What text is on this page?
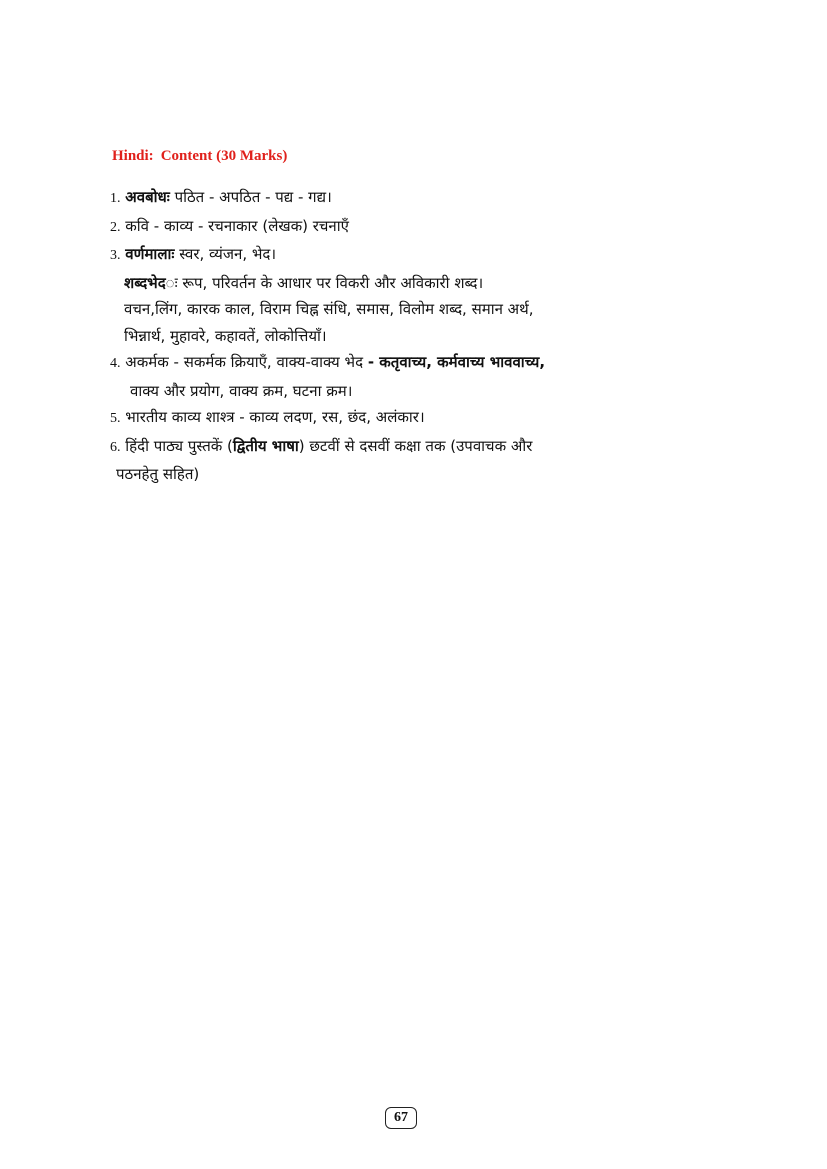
Hindi: Content (30 Marks)
1. अवबोधः पठित - अपठित - पद्य - गद्य।
2. कवि - काव्य - रचनाकार (लेखक) रचनाएँ
3. वर्णमालाः स्वर, व्यंजन, भेद।
शब्दभेदः रूप, परिवर्तन के आधार पर विकरी और अविकारी शब्द।
वचन,लिंग, कारक काल, विराम चिह्न संधि, समास, विलोम शब्द, समान अर्थ,
भिन्नार्थ, मुहावरे, कहावतें, लोकोत्तियाँ।
4. अकर्मक - सकर्मक क्रियाएँ, वाक्य-वाक्य भेद - कतृवाच्य, कर्मवाच्य भाववाच्य,
वाक्य और प्रयोग, वाक्य क्रम, घटना क्रम।
5. भारतीय काव्य शाश्त्र - काव्य लदण, रस, छंद, अलंकार।
6. हिंदी पाठ्य पुस्तकें (द्वितीय भाषा) छटवीं से दसवीं कक्षा तक (उपवाचक और
पठनहेतु सहित)
67
